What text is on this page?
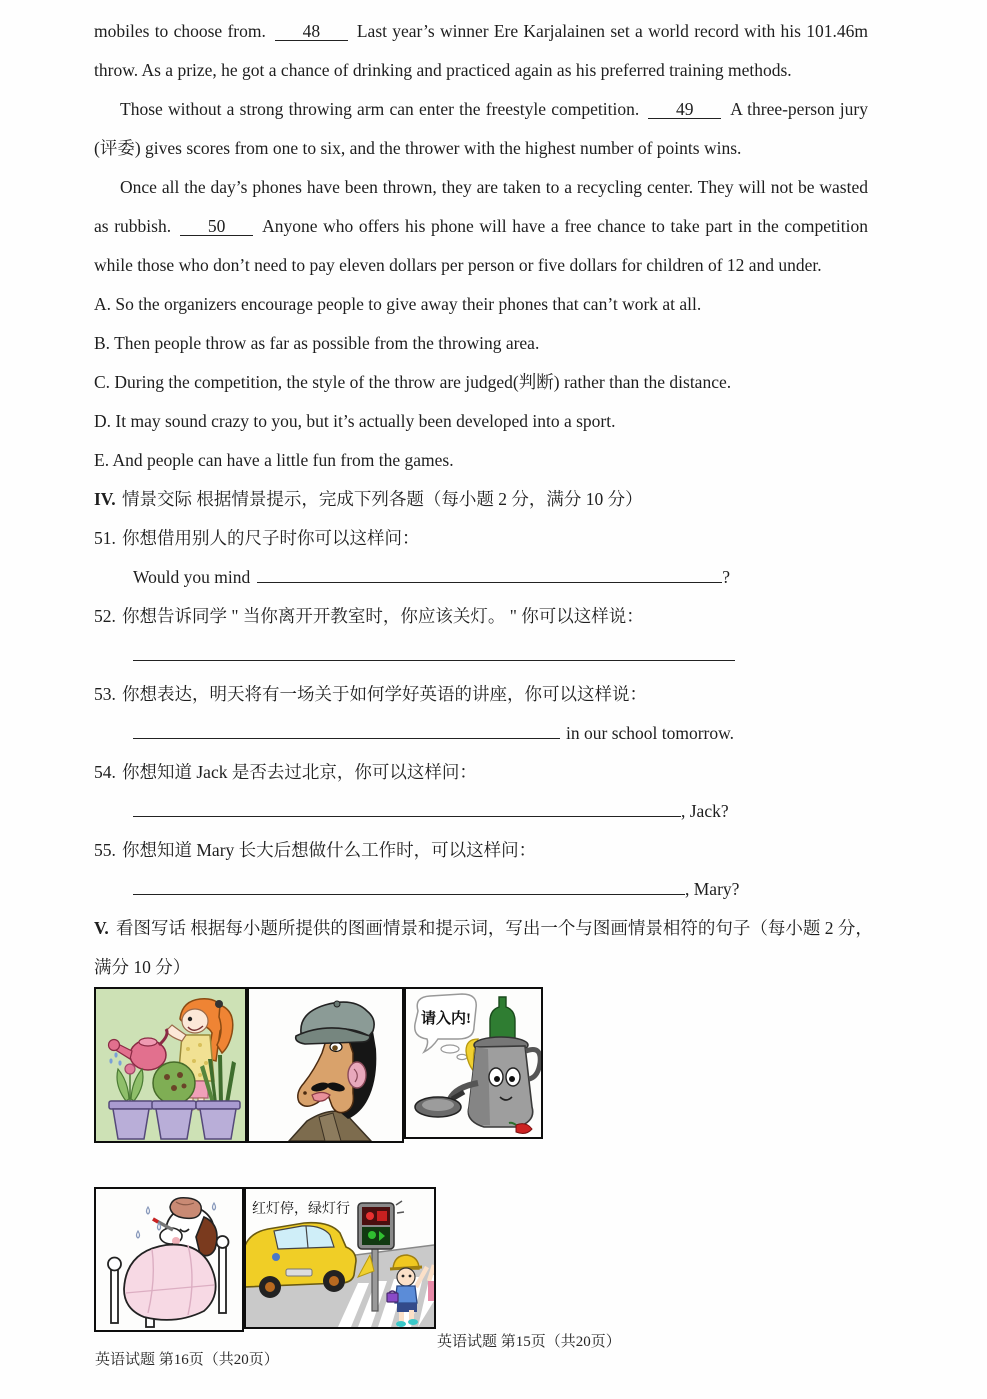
mobiles to choose from. 48 Last year’s winner Ere Karjalainen set a world record with his 101.46m
throw. As a prize, he got a chance of drinking and practiced again as his preferred training methods.
Those without a strong throwing arm can enter the freestyle competition. 49 A three-person jury
(评委) gives scores from one to six, and the thrower with the highest number of points wins.
Once all the day’s phones have been thrown, they are taken to a recycling center. They will not be wasted
as rubbish. 50 Anyone who offers his phone will have a free chance to take part in the competition
while those who don’t need to pay eleven dollars per person or five dollars for children of 12 and under.
A. So the organizers encourage people to give away their phones that can’t work at all.
B. Then people throw as far as possible from the throwing area.
C. During the competition, the style of the throw are judged(判断) rather than the distance.
D. It may sound crazy to you, but it’s actually been developed into a sport.
E. And people can have a little fun from the games.
IV. 情景交际 根据情景提示，完成下列各题（每小题 2 分，满分 10 分）
51. 你想借用别人的尺子时你可以这样问：
Would you mind	?
52. 你想告诉同学 " 当你离开开教室时，你应该关灯。 " 你可以这样说：
53. 你想表达，明天将有一场关于如何学好英语的讲座，你可以这样说：
in our school tomorrow.
54. 你想知道 Jack 是否去过北京，你可以这样问：
, Jack?
55. 你想知道 Mary 长大后想做什么工作时，可以这样问：
, Mary?
V. 看图写话 根据每小题所提供的图画情景和提示词，写出一个与图画情景相符的句子（每小题 2 分，
满分 10 分）
请入内!
红灯停，绿灯行
英语试题 第15页（共20页）
英语试题 第16页（共20页）
